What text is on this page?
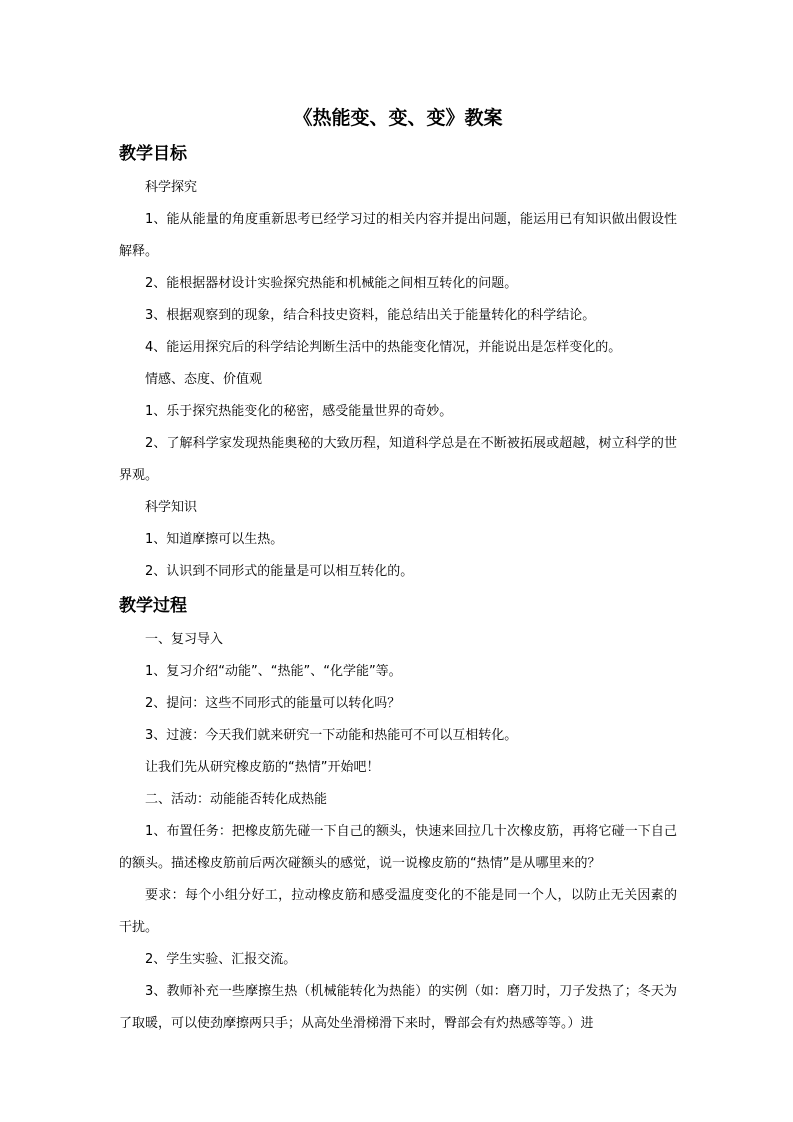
《热能变、变、变》教案
教学目标

科学探究

1、能从能量的角度重新思考已经学习过的相关内容并提出问题，能运用已有知识做出假设性解释。

2、能根据器材设计实验探究热能和机械能之间相互转化的问题。

3、根据观察到的现象，结合科技史资料，能总结出关于能量转化的科学结论。

4、能运用探究后的科学结论判断生活中的热能变化情况，并能说出是怎样变化的。

情感、态度、价值观

1、乐于探究热能变化的秘密，感受能量世界的奇妙。

2、了解科学家发现热能奥秘的大致历程，知道科学总是在不断被拓展或超越，树立科学的世界观。

科学知识

1、知道摩擦可以生热。

2、认识到不同形式的能量是可以相互转化的。

教学过程

一、复习导入

1、复习介绍“动能”、“热能”、“化学能”等。

2、提问：这些不同形式的能量可以转化吗？

3、过渡：今天我们就来研究一下动能和热能可不可以互相转化。

让我们先从研究橡皮筋的“热情”开始吧！

二、活动：动能能否转化成热能

1、布置任务：把橡皮筋先碰一下自己的额头，快速来回拉几十次橡皮筋，再将它碰一下自己的额头。描述橡皮筋前后两次碰额头的感觉，说一说橡皮筋的“热情”是从哪里来的？

要求：每个小组分好工，拉动橡皮筋和感受温度变化的不能是同一个人，以防止无关因素的干扰。

2、学生实验、汇报交流。

3、教师补充一些摩擦生热（机械能转化为热能）的实例（如：磨刀时，刀子发热了；冬天为了取暖，可以使劲摩擦两只手；从高处坐滑梯滑下来时，臀部会有灼热感等等。）进
